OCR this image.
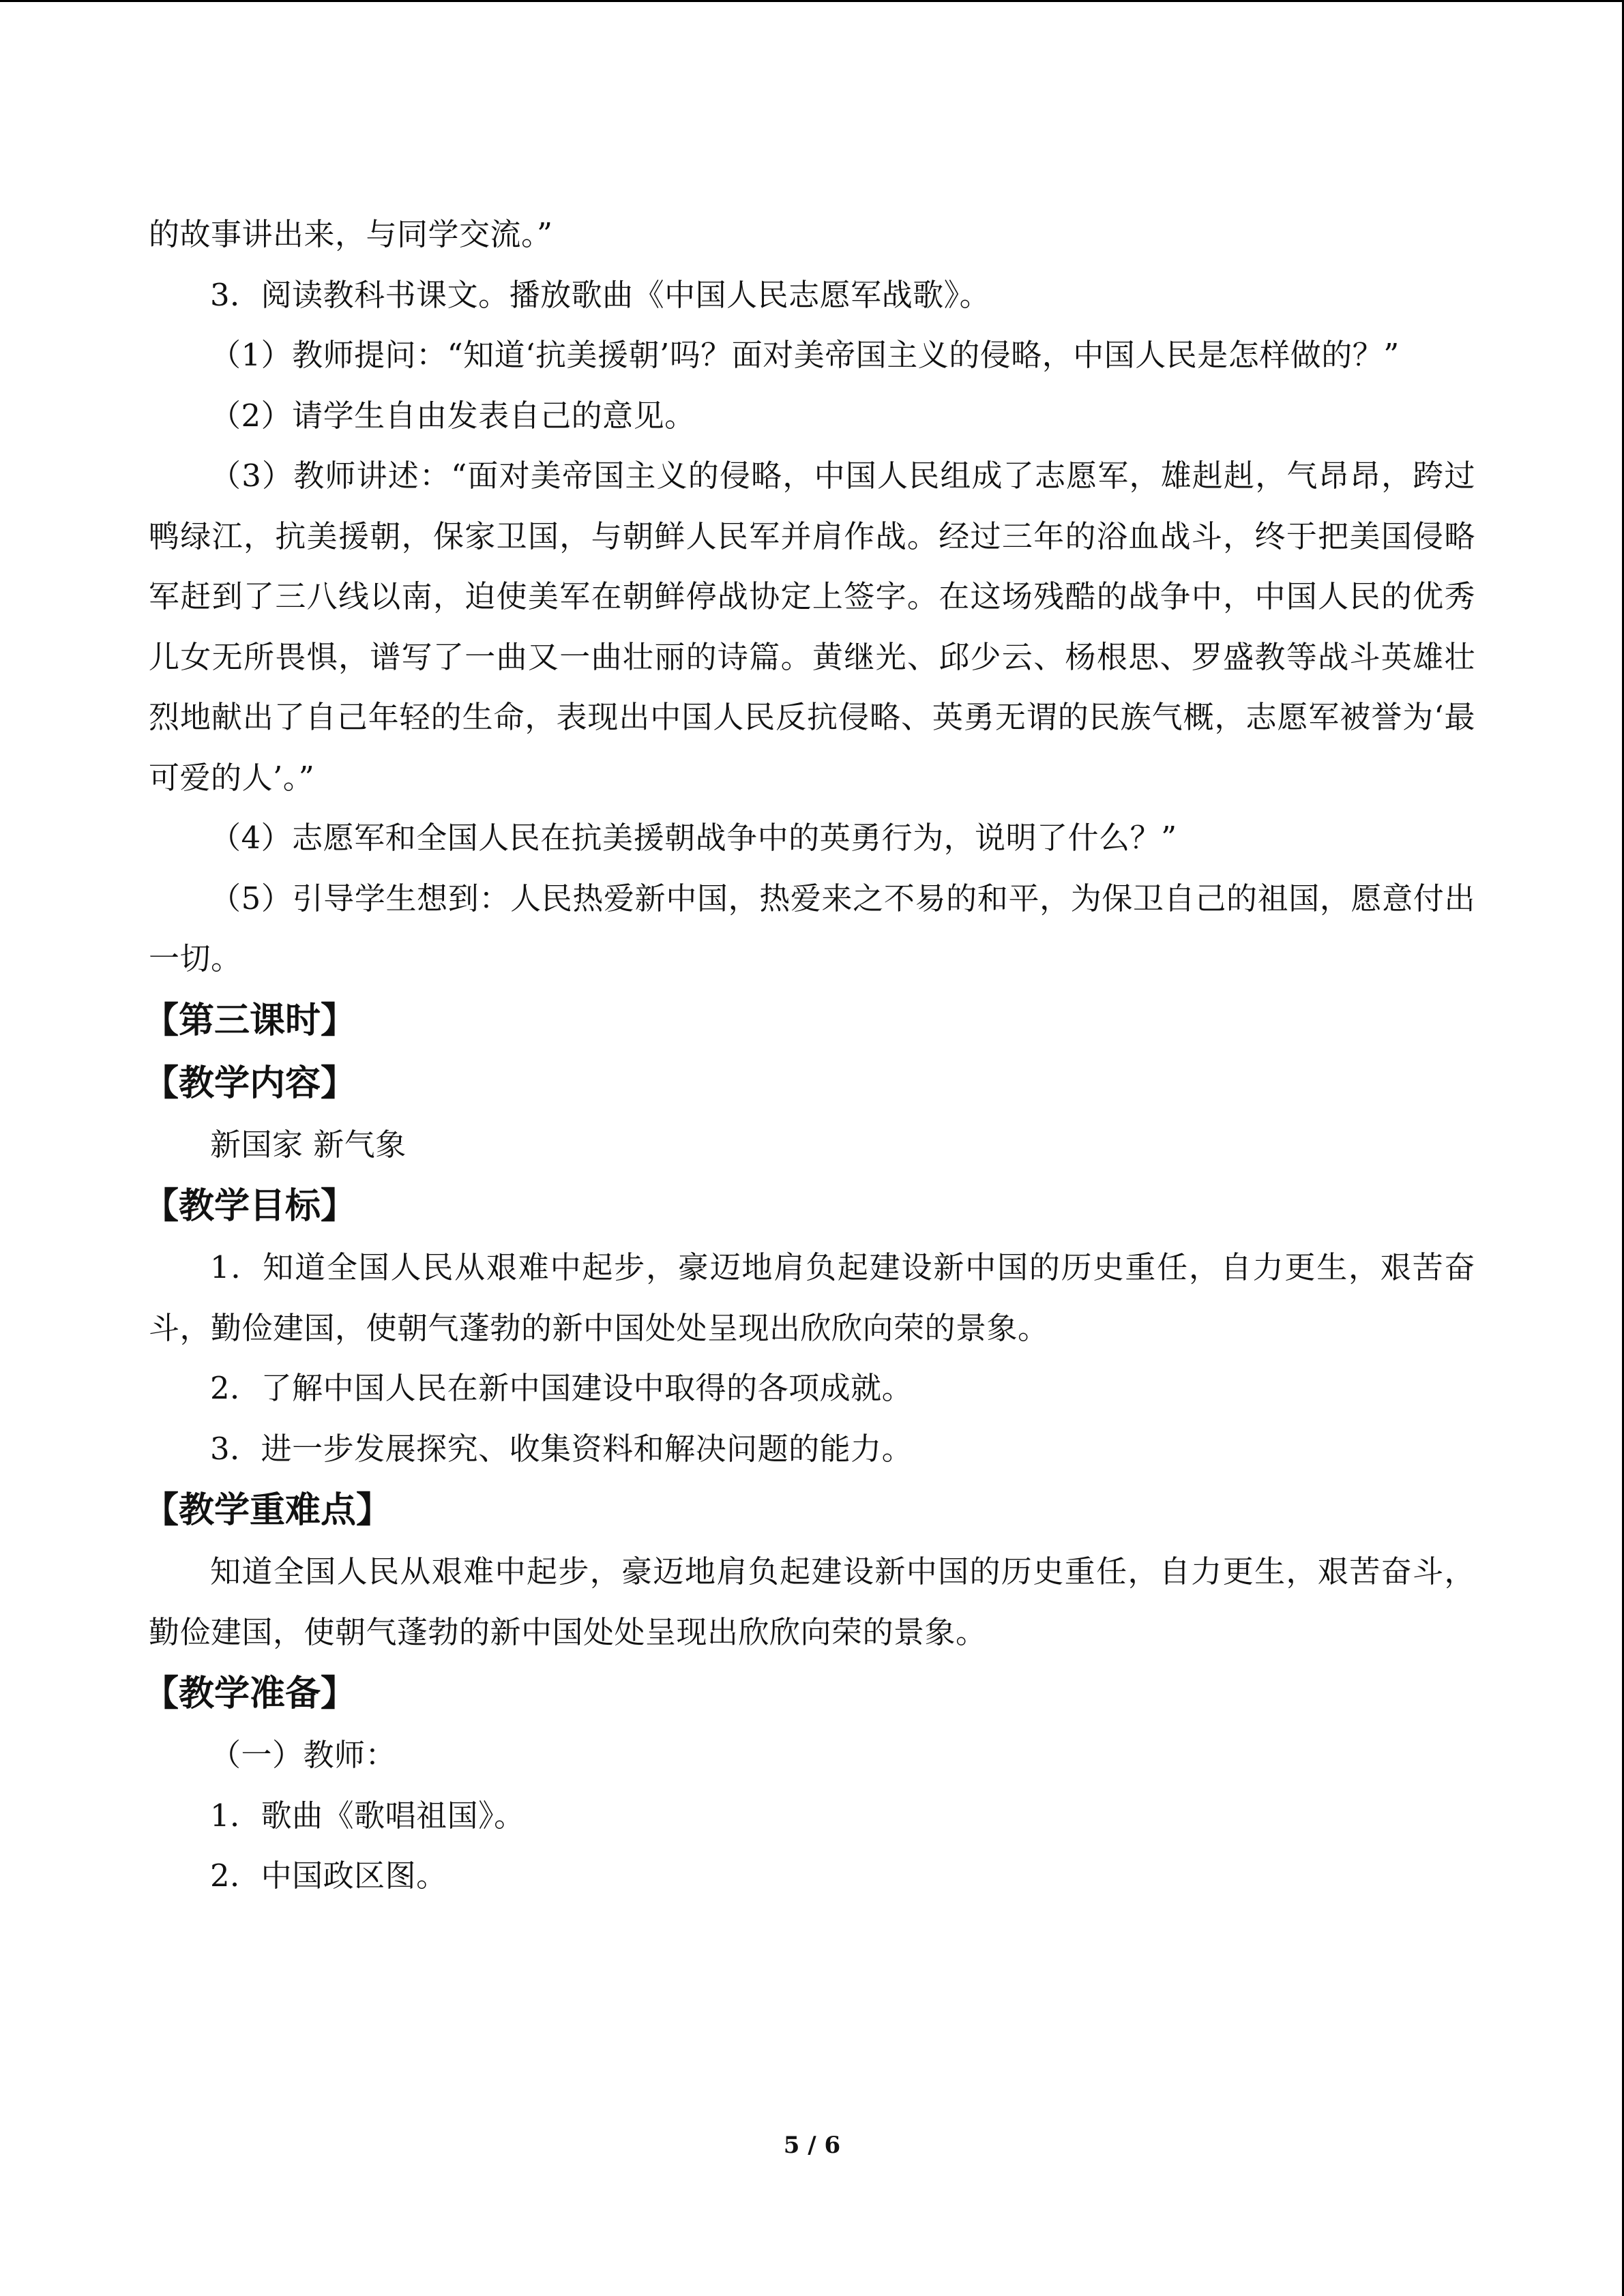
的故事讲出来，与同学交流。”

3．阅读教科书课文。播放歌曲《中国人民志愿军战歌》。

（1）教师提问：“知道‘抗美援朝’吗？面对美帝国主义的侵略，中国人民是怎样做的？”

（2）请学生自由发表自己的意见。

（3）教师讲述：“面对美帝国主义的侵略，中国人民组成了志愿军，雄赳赳，气昂昂，跨过鸭绿江，抗美援朝，保家卫国，与朝鲜人民军并肩作战。经过三年的浴血战斗，终于把美国侵略军赶到了三八线以南，迫使美军在朝鲜停战协定上签字。在这场残酷的战争中，中国人民的优秀儿女无所畏惧，谱写了一曲又一曲壮丽的诗篇。黄继光、邱少云、杨根思、罗盛教等战斗英雄壮烈地献出了自己年轻的生命，表现出中国人民反抗侵略、英勇无谓的民族气概，志愿军被誉为‘最可爱的人’。”

（4）志愿军和全国人民在抗美援朝战争中的英勇行为，说明了什么？”

（5）引导学生想到：人民热爱新中国，热爱来之不易的和平，为保卫自己的祖国，愿意付出一切。

【第三课时】
【教学内容】

新国家 新气象

【教学目标】

1．知道全国人民从艰难中起步，豪迈地肩负起建设新中国的历史重任，自力更生，艰苦奋斗，勤俭建国，使朝气蓬勃的新中国处处呈现出欣欣向荣的景象。

2．了解中国人民在新中国建设中取得的各项成就。

3．进一步发展探究、收集资料和解决问题的能力。

【教学重难点】

知道全国人民从艰难中起步，豪迈地肩负起建设新中国的历史重任，自力更生，艰苦奋斗，勤俭建国，使朝气蓬勃的新中国处处呈现出欣欣向荣的景象。

【教学准备】

（一）教师：

1．歌曲《歌唱祖国》。

2．中国政区图。

5 / 6
